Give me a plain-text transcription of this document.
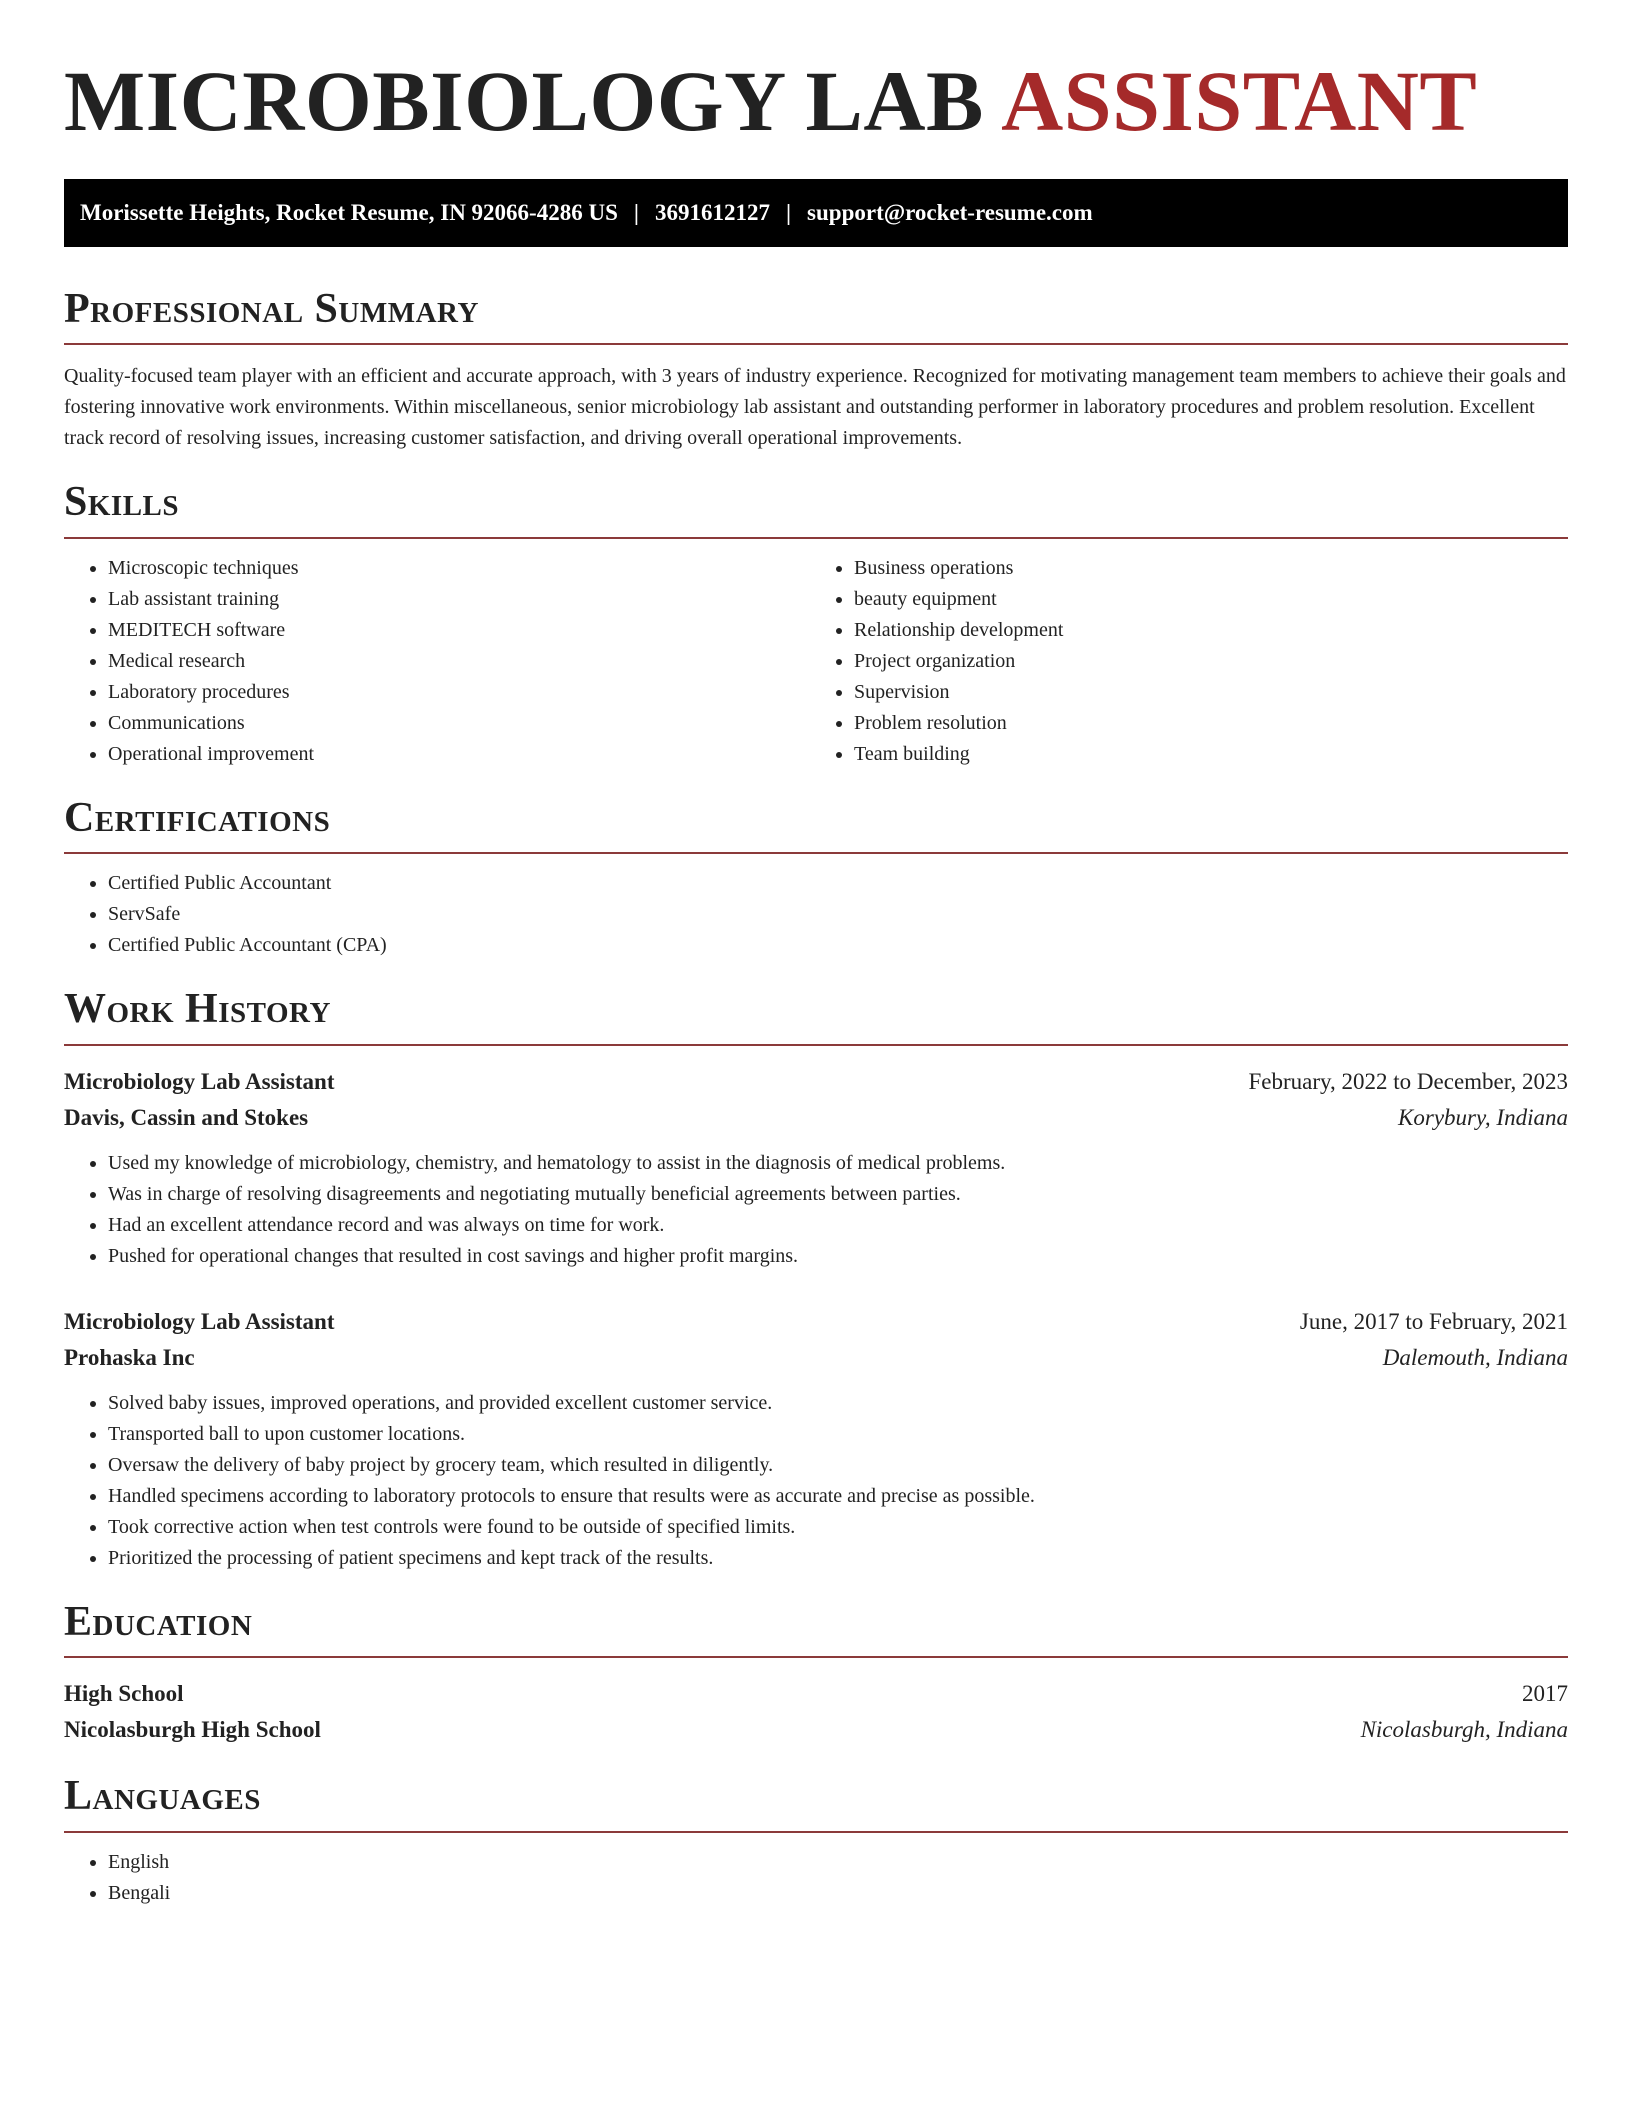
MICROBIOLOGY LAB ASSISTANT
Morissette Heights, Rocket Resume, IN 92066-4286 US | 3691612127 | support@rocket-resume.com
Professional Summary

Quality-focused team player with an efficient and accurate approach, with 3 years of industry experience. Recognized for motivating management team members to achieve their goals and fostering innovative work environments. Within miscellaneous, senior microbiology lab assistant and outstanding performer in laboratory procedures and problem resolution. Excellent track record of resolving issues, increasing customer satisfaction, and driving overall operational improvements.

Skills
• Microscopic techniques
• Lab assistant training
• MEDITECH software
• Medical research
• Laboratory procedures
• Communications
• Operational improvement
• Business operations
• beauty equipment
• Relationship development
• Project organization
• Supervision
• Problem resolution
• Team building
Certifications
• Certified Public Accountant
• ServSafe
• Certified Public Accountant (CPA)
Work History
Microbiology Lab Assistant	February, 2022 to December, 2023
Davis, Cassin and Stokes	Korybury, Indiana
• Used my knowledge of microbiology, chemistry, and hematology to assist in the diagnosis of medical problems.
• Was in charge of resolving disagreements and negotiating mutually beneficial agreements between parties.
• Had an excellent attendance record and was always on time for work.
• Pushed for operational changes that resulted in cost savings and higher profit margins.
Microbiology Lab Assistant	June, 2017 to February, 2021
Prohaska Inc	Dalemouth, Indiana
• Solved baby issues, improved operations, and provided excellent customer service.
• Transported ball to upon customer locations.
• Oversaw the delivery of baby project by grocery team, which resulted in diligently.
• Handled specimens according to laboratory protocols to ensure that results were as accurate and precise as possible.
• Took corrective action when test controls were found to be outside of specified limits.
• Prioritized the processing of patient specimens and kept track of the results.
Education
High School	2017
Nicolasburgh High School	Nicolasburgh, Indiana
Languages
• English
• Bengali
